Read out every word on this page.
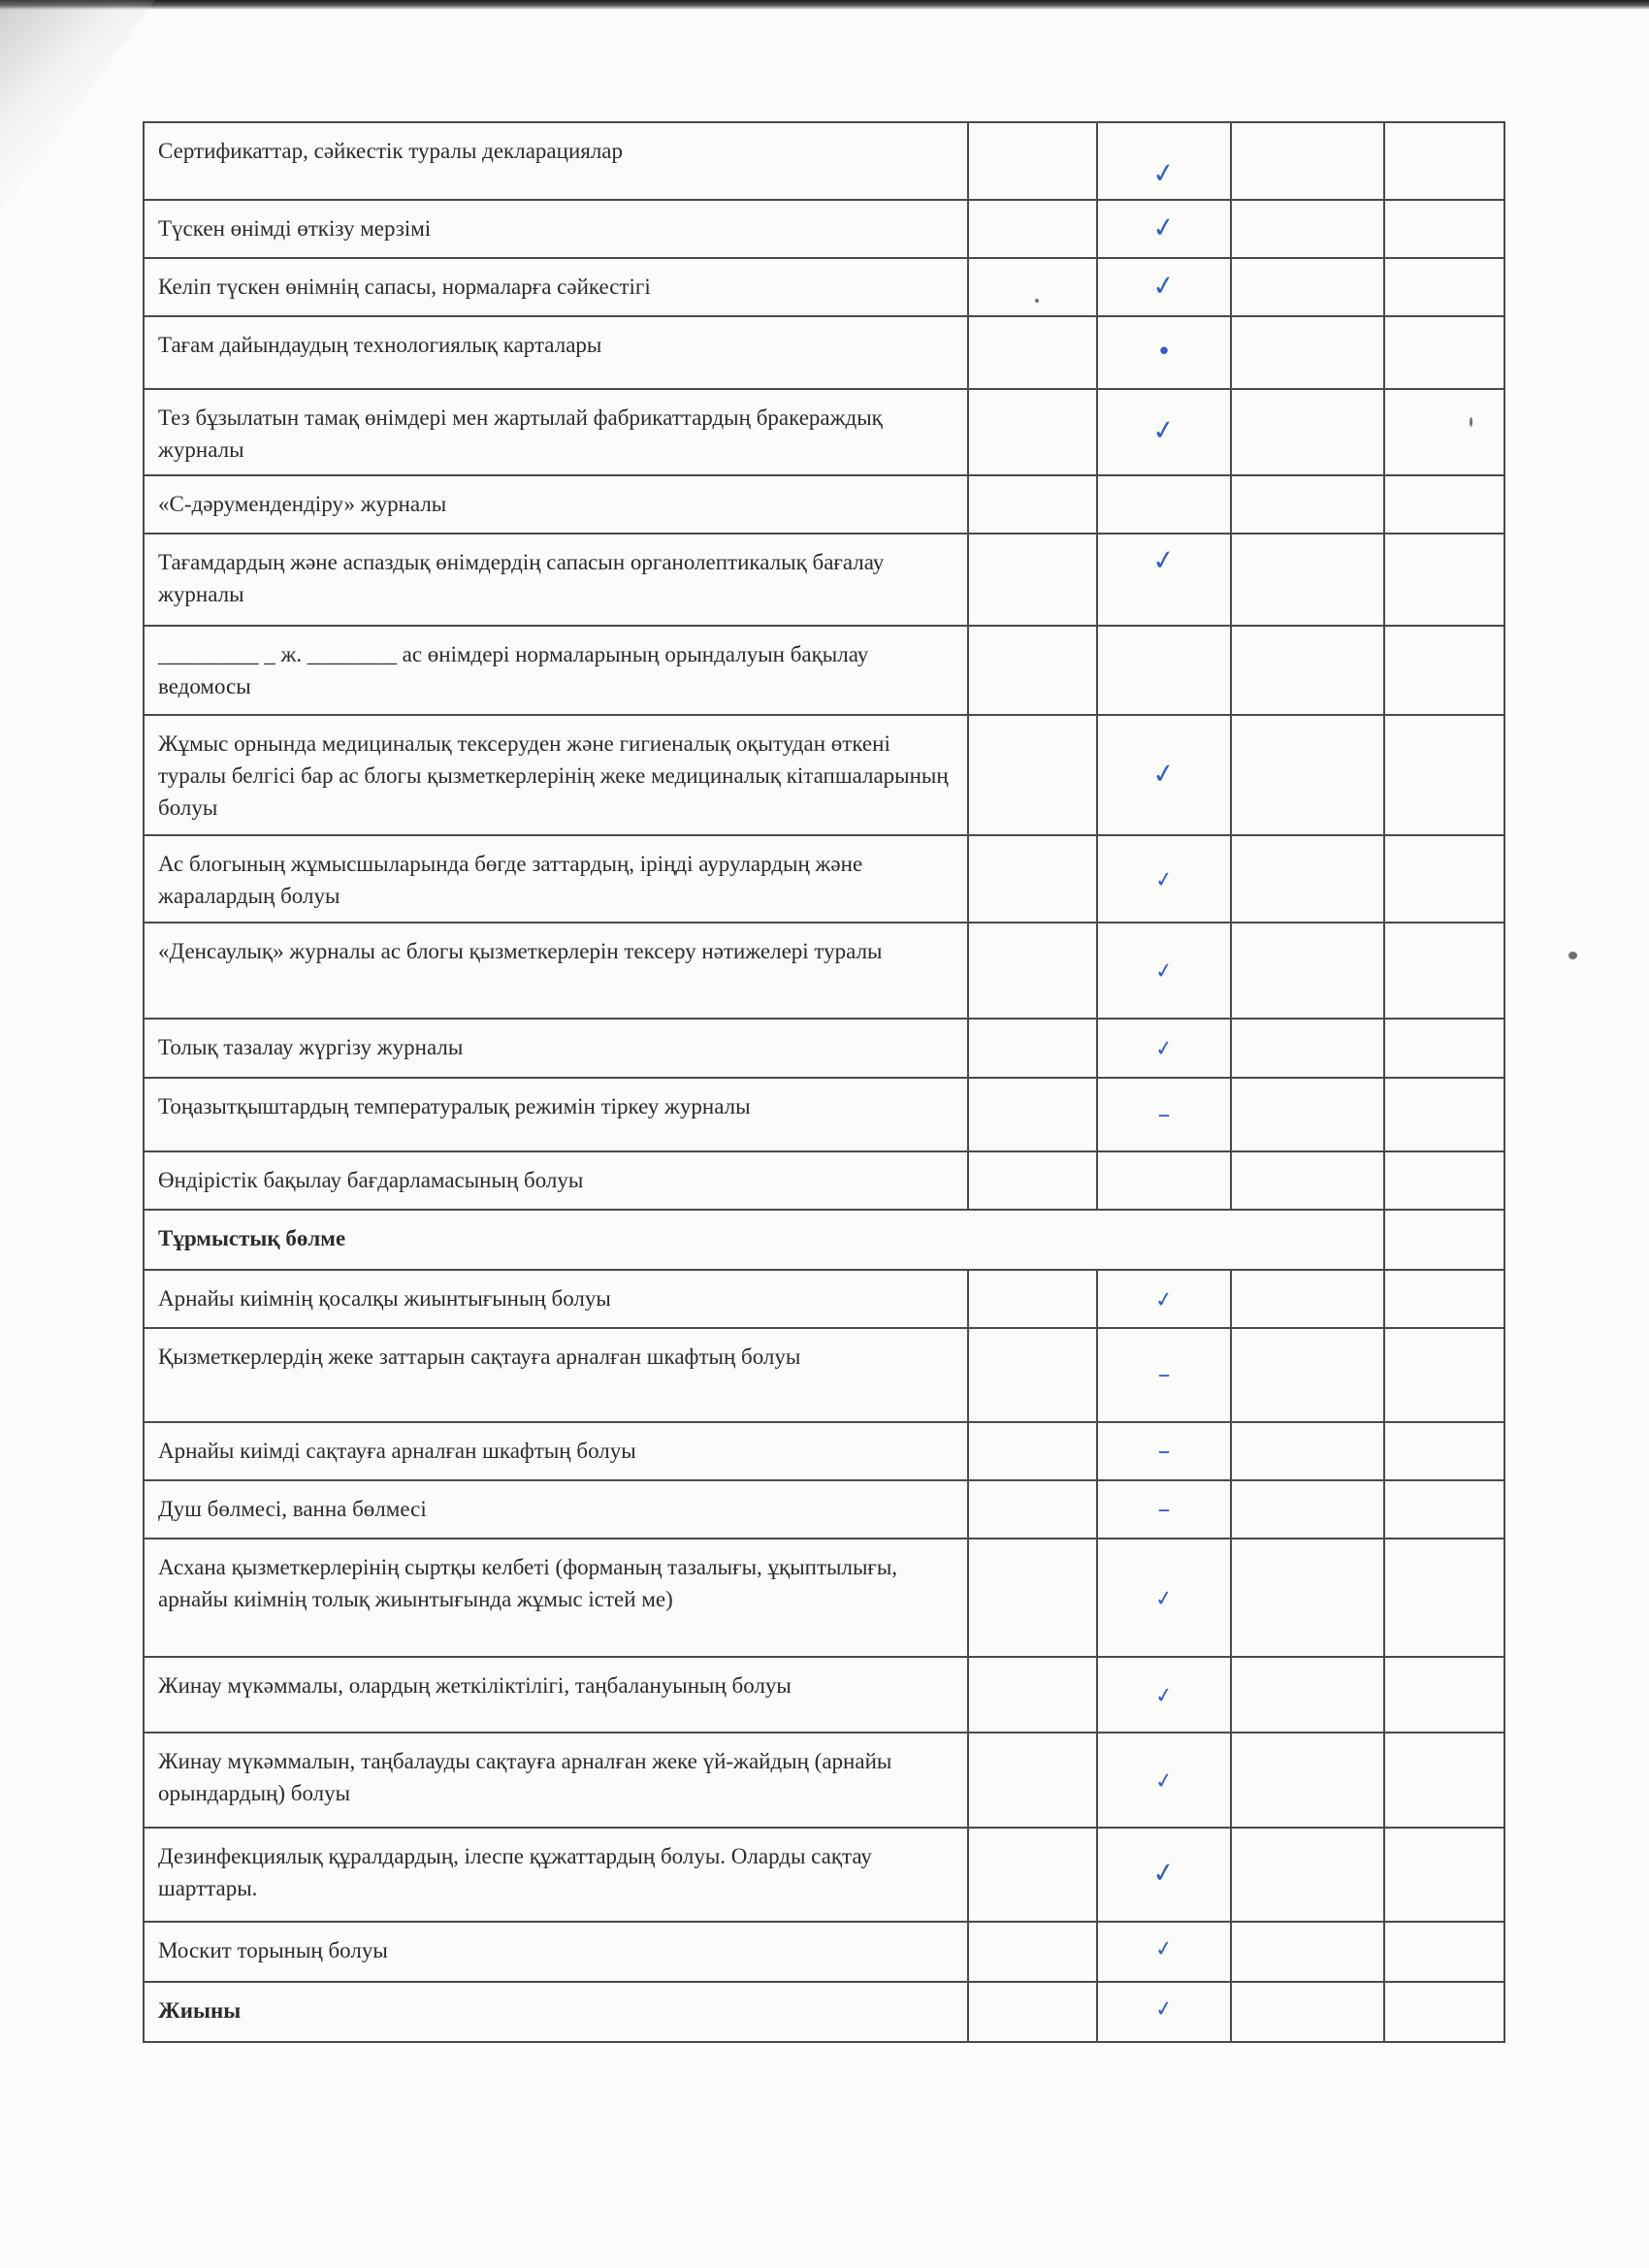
Сертификаттар, сәйкестік туралы декларациялар		✓		
Түскен өнімді өткізу мерзімі		✓		
Келіп түскен өнімнің сапасы, нормаларға сәйкестігі		✓		
Тағам дайындаудың технологиялық карталары		•		
Тез бұзылатын тамақ өнімдері мен жартылай фабрикаттардың бракераждық журналы		✓		
«С-дәрумендендіру» журналы				
Тағамдардың және аспаздық өнімдердің сапасын органолептикалық бағалау журналы		✓		
_________ _ ж. ________ ас өнімдері нормаларының орындалуын бақылау ведомосы				
Жұмыс орнында медициналық тексеруден және гигиеналық оқытудан өткені туралы белгісі бар ас блогы қызметкерлерінің жеке медициналық кітапшаларының болуы		✓		
Ас блогының жұмысшыларында бөгде заттардың, іріңді аурулардың және жаралардың болуы		✓		
«Денсаулық» журналы ас блогы қызметкерлерін тексеру нәтижелері туралы		✓		
Толық тазалау жүргізу журналы		✓		
Тоңазытқыштардың температуралық режимін тіркеу журналы		–		
Өндірістік бақылау бағдарламасының болуы				
Тұрмыстық бөлме				
Арнайы киімнің қосалқы жиынтығының болуы		✓		
Қызметкерлердің жеке заттарын сақтауға арналған шкафтың болуы		–		
Арнайы киімді сақтауға арналған шкафтың болуы		–		
Душ бөлмесі, ванна бөлмесі		–		
Асхана қызметкерлерінің сыртқы келбеті (форманың тазалығы, ұқыптылығы, арнайы киімнің толық жиынтығында жұмыс істей ме)		✓		
Жинау мүкәммалы, олардың жеткіліктілігі, таңбалануының болуы		✓		
Жинау мүкәммалын, таңбалауды сақтауға арналған жеке үй-жайдың (арнайы орындардың) болуы		✓		
Дезинфекциялық құралдардың, ілеспе құжаттардың болуы. Оларды сақтау шарттары.		✓		
Москит торының болуы		✓		
Жиыны		✓		
